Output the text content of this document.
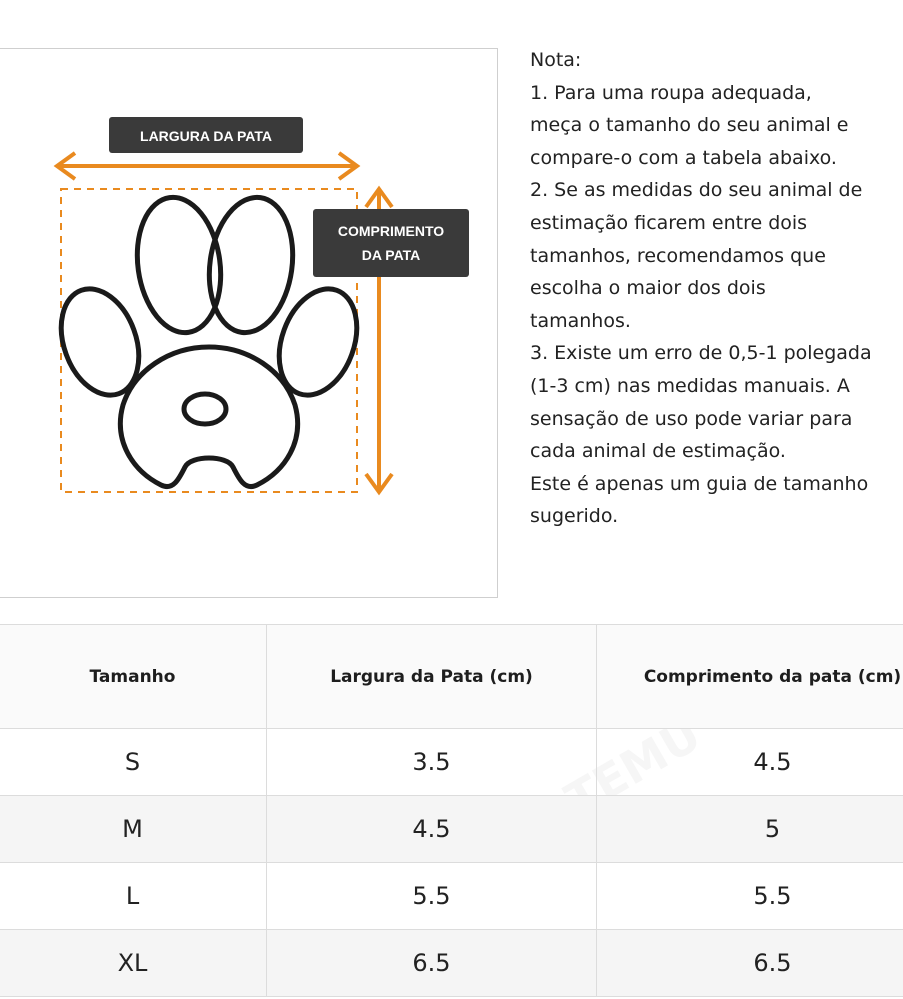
LARGURA DA PATA
COMPRIMENTO
DA PATA

Nota:

1. Para uma roupa adequada,

meça o tamanho do seu animal e

compare-o com a tabela abaixo.

2. Se as medidas do seu animal de

estimação ficarem entre dois

tamanhos, recomendamos que

escolha o maior dos dois

tamanhos.

3. Existe um erro de 0,5-1 polegada

(1-3 cm) nas medidas manuais. A

sensação de uso pode variar para

cada animal de estimação.

Este é apenas um guia de tamanho

sugerido.

Tamanho	Largura da Pata (cm)	Comprimento da pata (cm)
S	3.5	4.5
M	4.5	5
L	5.5	5.5
XL	6.5	6.5
